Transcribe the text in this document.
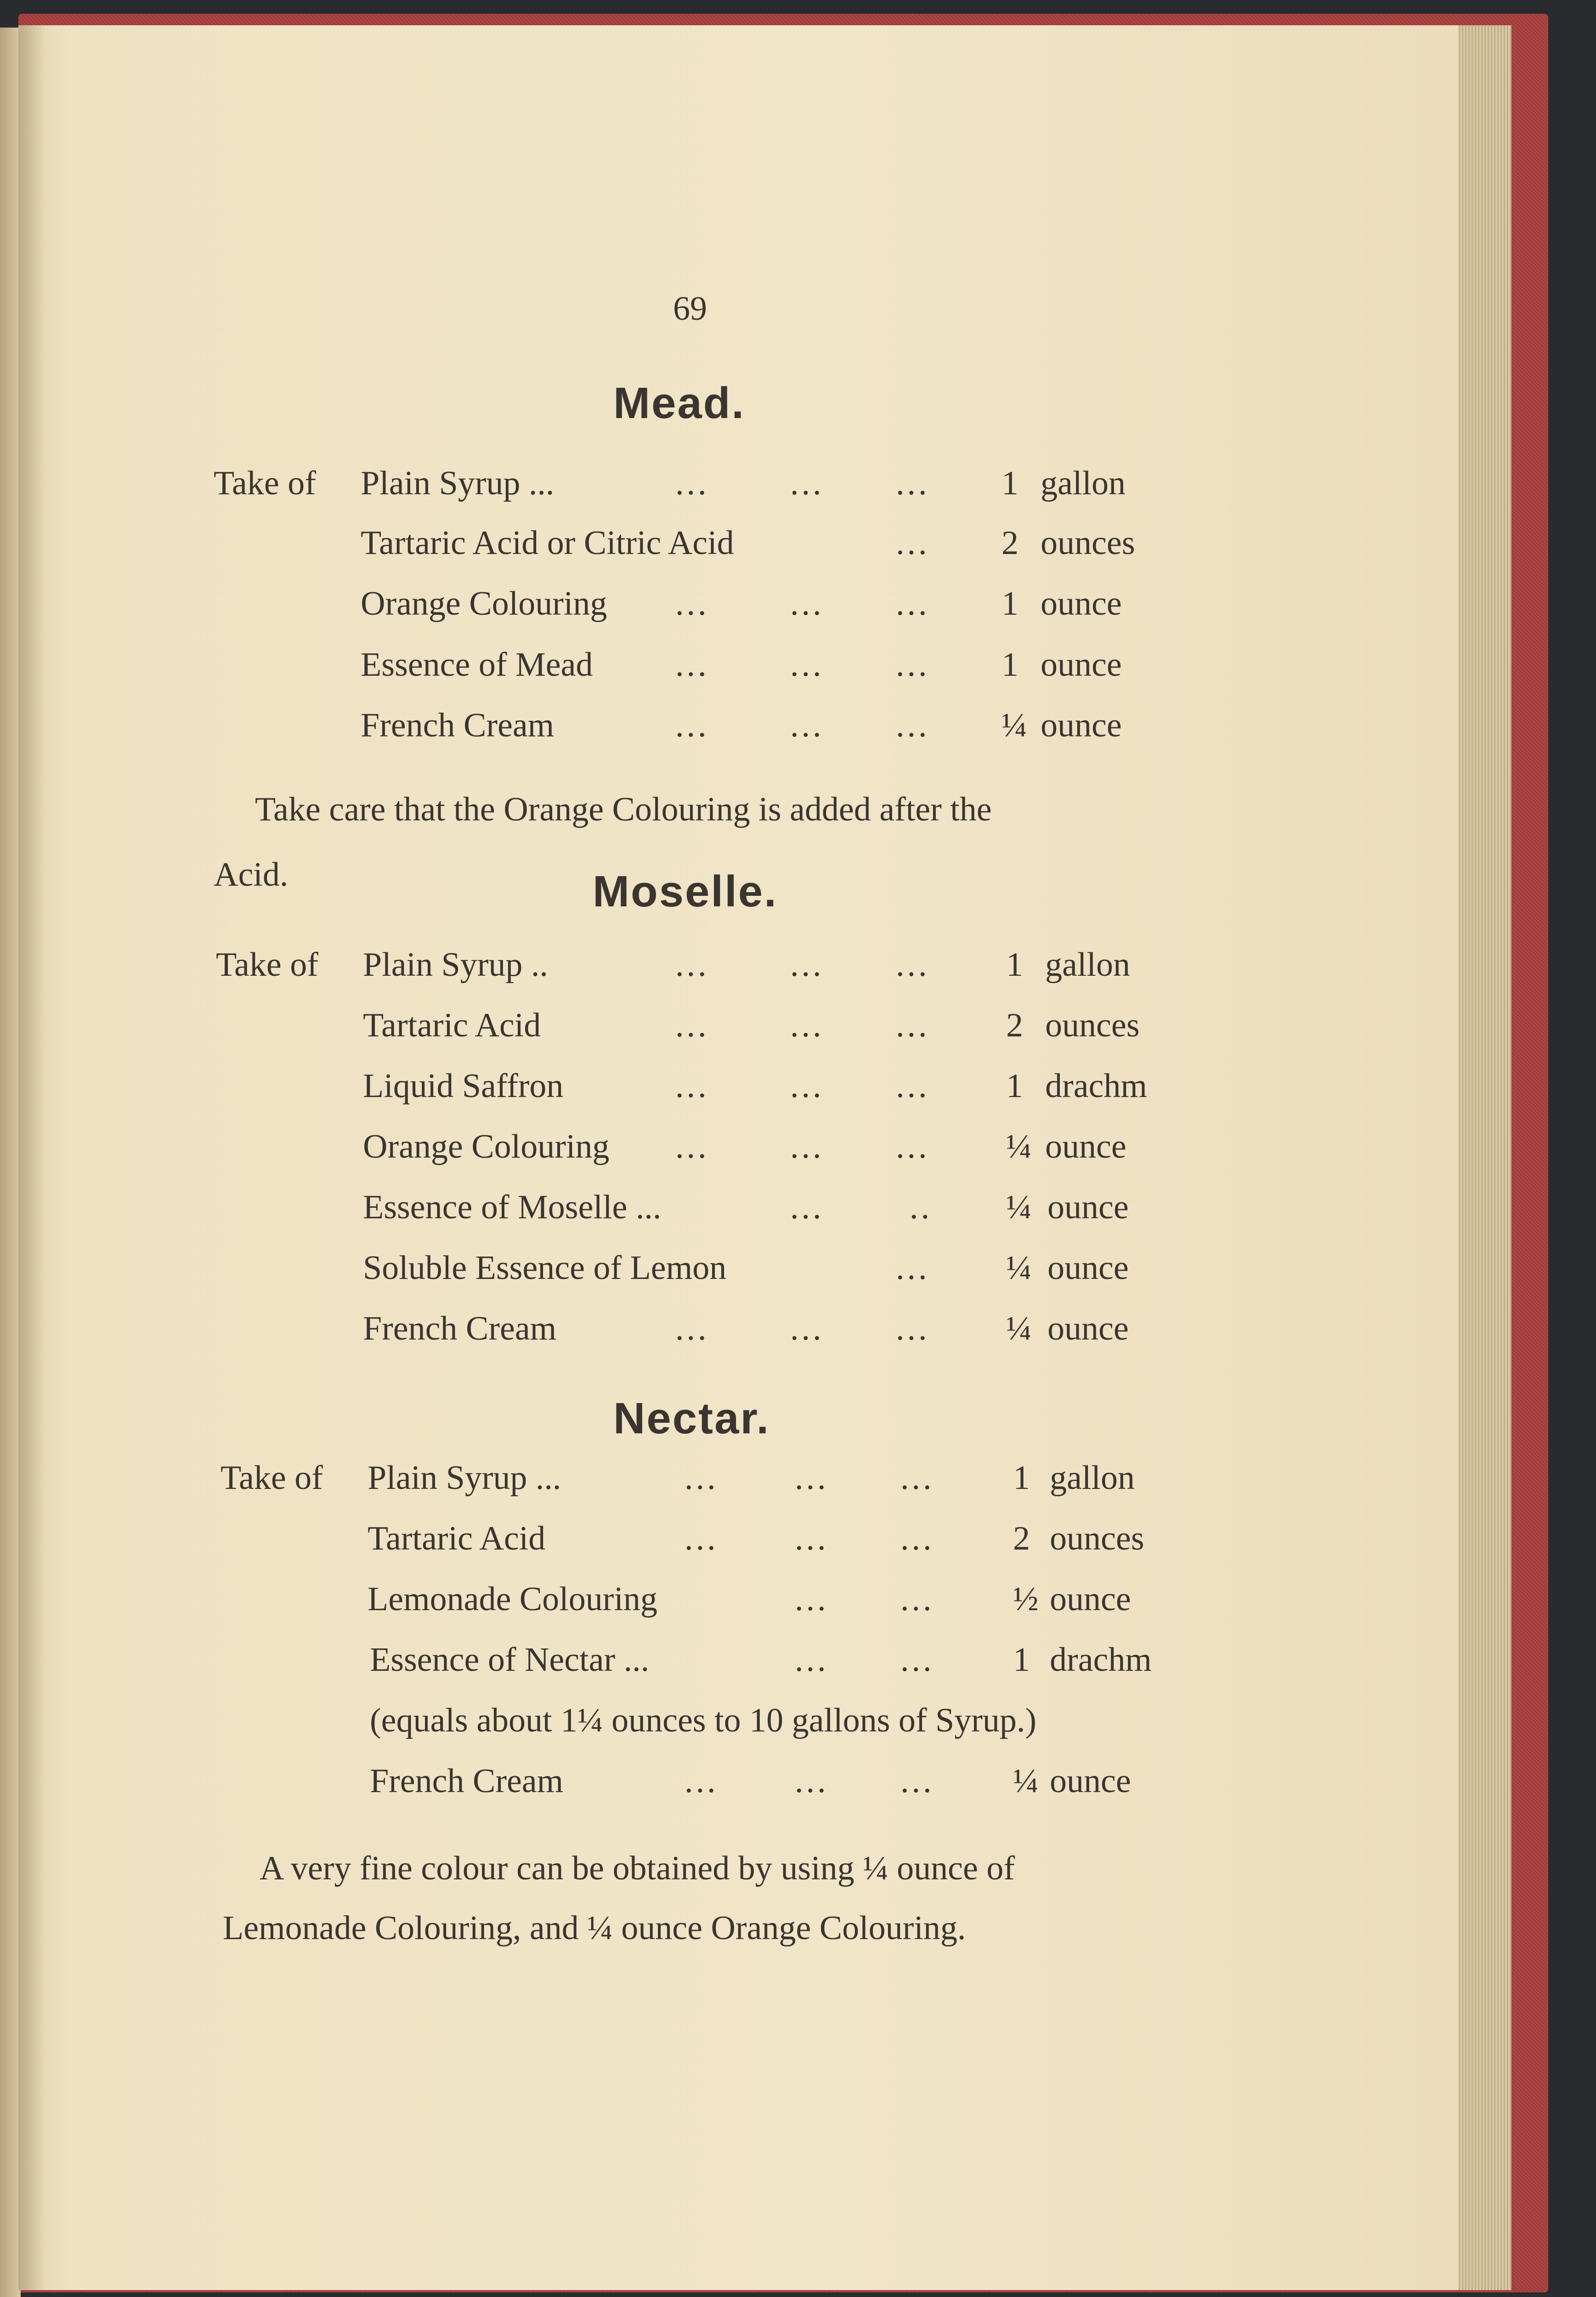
69
Mead.
Take of Plain Syrup ...	... ... ... 1 gallon
Tartaric Acid or Citric Acid	... 2 ounces
Orange Colouring ... ... ... 1 ounce
Essence of Mead ... ... ... 1 ounce
French Cream	... ... ... ¼ ounce
Take care that the Orange Colouring is added after the
Acid.	Moselle.
Take of Plain Syrup ..	... ... ... 1 gallon
Tartaric Acid	... ... ... 2 ounces
Liquid Saffron	... ... ... 1 drachm
Orange Colouring ... ... ... ¼ ounce
Essence of Moselle ...	...	.. ¼ ounce
Soluble Essence of Lemon	... ¼ ounce
French Cream	... ... ... ¼ ounce
Nectar.
Take of Plain Syrup ...	... ... ... 1 gallon
Tartaric Acid	... ... ... 2 ounces
Lemonade Colouring	... ... ½ ounce
Essence of Nectar ...	... ... 1 drachm
(equals about 1¼ ounces to 10 gallons of Syrup.)
French Cream	... ... ... ¼ ounce
A very fine colour can be obtained by using ¼ ounce of
Lemonade Colouring, and ¼ ounce Orange Colouring.
